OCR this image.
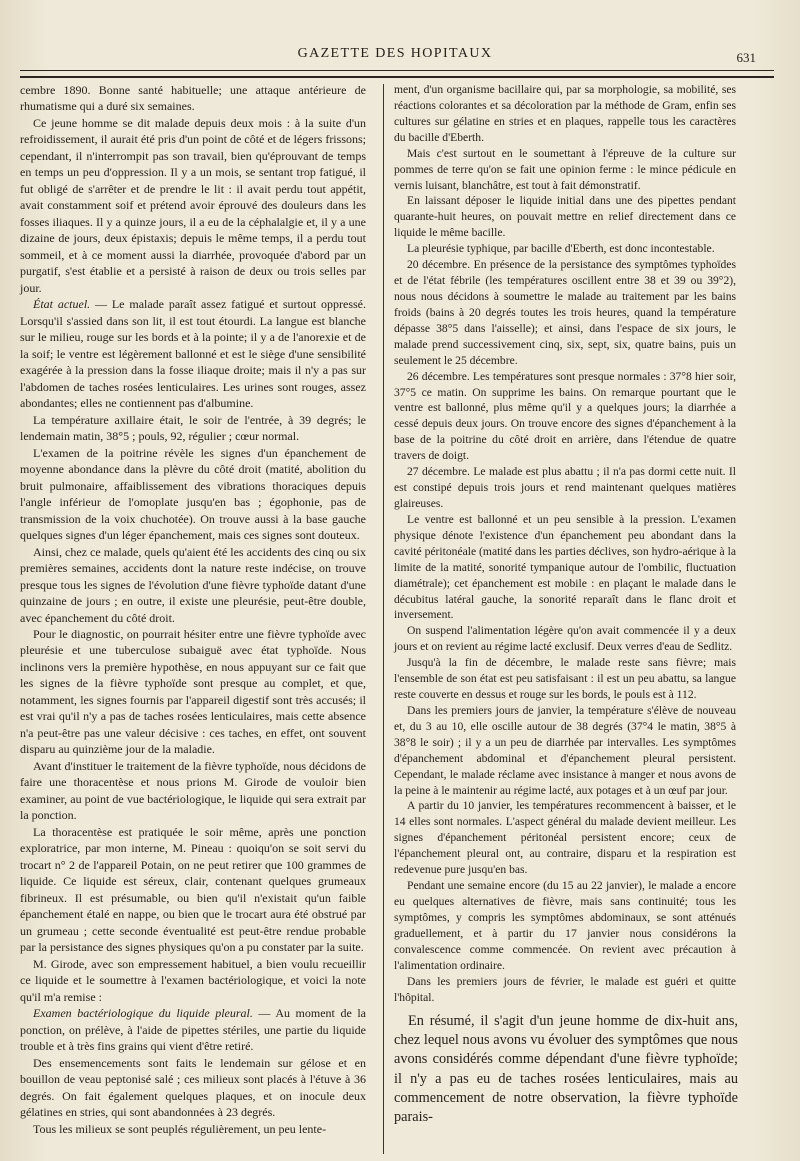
GAZETTE DES HOPITAUX	631

cembre 1890. Bonne santé habituelle; une attaque antérieure de rhumatisme qui a duré six semaines.

Ce jeune homme se dit malade depuis deux mois : à la suite d'un refroidissement, il aurait été pris d'un point de côté et de légers frissons; cependant, il n'interrompit pas son travail, bien qu'éprouvant de temps en temps un peu d'oppression. Il y a un mois, se sentant trop fatigué, il fut obligé de s'arrêter et de prendre le lit : il avait perdu tout appétit, avait constamment soif et prétend avoir éprouvé des douleurs dans les fosses iliaques. Il y a quinze jours, il a eu de la céphalalgie et, il y a une dizaine de jours, deux épistaxis; depuis le même temps, il a perdu tout sommeil, et à ce moment aussi la diarrhée, provoquée d'abord par un purgatif, s'est établie et a persisté à raison de deux ou trois selles par jour.

État actuel. — Le malade paraît assez fatigué et surtout oppressé. Lorsqu'il s'assied dans son lit, il est tout étourdi. La langue est blanche sur le milieu, rouge sur les bords et à la pointe; il y a de l'anorexie et de la soif; le ventre est légèrement ballonné et est le siège d'une sensibilité exagérée à la pression dans la fosse iliaque droite; mais il n'y a pas sur l'abdomen de taches rosées lenticulaires. Les urines sont rouges, assez abondantes; elles ne contiennent pas d'albumine.

La température axillaire était, le soir de l'entrée, à 39 degrés; le lendemain matin, 38°5 ; pouls, 92, régulier ; cœur normal.

L'examen de la poitrine révèle les signes d'un épanchement de moyenne abondance dans la plèvre du côté droit (matité, abolition du bruit pulmonaire, affaiblissement des vibrations thoraciques depuis l'angle inférieur de l'omoplate jusqu'en bas ; égophonie, pas de transmission de la voix chuchotée). On trouve aussi à la base gauche quelques signes d'un léger épanchement, mais ces signes sont douteux.

Ainsi, chez ce malade, quels qu'aient été les accidents des cinq ou six premières semaines, accidents dont la nature reste indécise, on trouve presque tous les signes de l'évolution d'une fièvre typhoïde datant d'une quinzaine de jours ; en outre, il existe une pleurésie, peut-être double, avec épanchement du côté droit.

Pour le diagnostic, on pourrait hésiter entre une fièvre typhoïde avec pleurésie et une tuberculose subaiguë avec état typhoïde. Nous inclinons vers la première hypothèse, en nous appuyant sur ce fait que les signes de la fièvre typhoïde sont presque au complet, et que, notamment, les signes fournis par l'appareil digestif sont très accusés; il est vrai qu'il n'y a pas de taches rosées lenticulaires, mais cette absence n'a peut-être pas une valeur décisive : ces taches, en effet, ont souvent disparu au quinzième jour de la maladie.

Avant d'instituer le traitement de la fièvre typhoïde, nous décidons de faire une thoracentèse et nous prions M. Girode de vouloir bien examiner, au point de vue bactériologique, le liquide qui sera extrait par la ponction.

La thoracentèse est pratiquée le soir même, après une ponction exploratrice, par mon interne, M. Pineau : quoiqu'on se soit servi du trocart n° 2 de l'appareil Potain, on ne peut retirer que 100 grammes de liquide. Ce liquide est séreux, clair, contenant quelques grumeaux fibrineux. Il est présumable, ou bien qu'il n'existait qu'un faible épanchement étalé en nappe, ou bien que le trocart aura été obstrué par un grumeau ; cette seconde éventualité est peut-être rendue probable par la persistance des signes physiques qu'on a pu constater par la suite.

M. Girode, avec son empressement habituel, a bien voulu recueillir ce liquide et le soumettre à l'examen bactériologique, et voici la note qu'il m'a remise :

Examen bactériologique du liquide pleural. — Au moment de la ponction, on prélève, à l'aide de pipettes stériles, une partie du liquide trouble et à très fins grains qui vient d'être retiré.

Des ensemencements sont faits le lendemain sur gélose et en bouillon de veau peptonisé salé ; ces milieux sont placés à l'étuve à 36 degrés. On fait également quelques plaques, et on inocule deux gélatines en stries, qui sont abandonnées à 23 degrés.

Tous les milieux se sont peuplés régulièrement, un peu lente-

ment, d'un organisme bacillaire qui, par sa morphologie, sa mobilité, ses réactions colorantes et sa décoloration par la méthode de Gram, enfin ses cultures sur gélatine en stries et en plaques, rappelle tous les caractères du bacille d'Eberth.

Mais c'est surtout en le soumettant à l'épreuve de la culture sur pommes de terre qu'on se fait une opinion ferme : le mince pédicule en vernis luisant, blanchâtre, est tout à fait démonstratif.

En laissant déposer le liquide initial dans une des pipettes pendant quarante-huit heures, on pouvait mettre en relief directement dans ce liquide le même bacille.

La pleurésie typhique, par bacille d'Eberth, est donc incontestable.

20 décembre. En présence de la persistance des symptômes typhoïdes et de l'état fébrile (les températures oscillent entre 38 et 39 ou 39°2), nous nous décidons à soumettre le malade au traitement par les bains froids (bains à 20 degrés toutes les trois heures, quand la température dépasse 38°5 dans l'aisselle); et ainsi, dans l'espace de six jours, le malade prend successivement cinq, six, sept, six, quatre bains, puis un seulement le 25 décembre.

26 décembre. Les températures sont presque normales : 37°8 hier soir, 37°5 ce matin. On supprime les bains. On remarque pourtant que le ventre est ballonné, plus même qu'il y a quelques jours; la diarrhée a cessé depuis deux jours. On trouve encore des signes d'épanchement à la base de la poitrine du côté droit en arrière, dans l'étendue de quatre travers de doigt.

27 décembre. Le malade est plus abattu ; il n'a pas dormi cette nuit. Il est constipé depuis trois jours et rend maintenant quelques matières glaireuses.

Le ventre est ballonné et un peu sensible à la pression. L'examen physique dénote l'existence d'un épanchement peu abondant dans la cavité péritonéale (matité dans les parties déclives, son hydro-aérique à la limite de la matité, sonorité tympanique autour de l'ombilic, fluctuation diamétrale); cet épanchement est mobile : en plaçant le malade dans le décubitus latéral gauche, la sonorité reparaît dans le flanc droit et inversement.

On suspend l'alimentation légère qu'on avait commencée il y a deux jours et on revient au régime lacté exclusif. Deux verres d'eau de Sedlitz.

Jusqu'à la fin de décembre, le malade reste sans fièvre; mais l'ensemble de son état est peu satisfaisant : il est un peu abattu, sa langue reste couverte en dessus et rouge sur les bords, le pouls est à 112.

Dans les premiers jours de janvier, la température s'élève de nouveau et, du 3 au 10, elle oscille autour de 38 degrés (37°4 le matin, 38°5 à 38°8 le soir) ; il y a un peu de diarrhée par intervalles. Les symptômes d'épanchement abdominal et d'épanchement pleural persistent. Cependant, le malade réclame avec insistance à manger et nous avons de la peine à le maintenir au régime lacté, aux potages et à un œuf par jour.

A partir du 10 janvier, les températures recommencent à baisser, et le 14 elles sont normales. L'aspect général du malade devient meilleur. Les signes d'épanchement péritonéal persistent encore; ceux de l'épanchement pleural ont, au contraire, disparu et la respiration est redevenue pure jusqu'en bas.

Pendant une semaine encore (du 15 au 22 janvier), le malade a encore eu quelques alternatives de fièvre, mais sans continuité; tous les symptômes, y compris les symptômes abdominaux, se sont atténués graduellement, et à partir du 17 janvier nous considérons la convalescence comme commencée. On revient avec précaution à l'alimentation ordinaire.

Dans les premiers jours de février, le malade est guéri et quitte l'hôpital.

En résumé, il s'agit d'un jeune homme de dix-huit ans, chez lequel nous avons vu évoluer des symptômes que nous avons considérés comme dépendant d'une fièvre typhoïde; il n'y a pas eu de taches rosées lenticulaires, mais au commencement de notre observation, la fièvre typhoïde parais-
